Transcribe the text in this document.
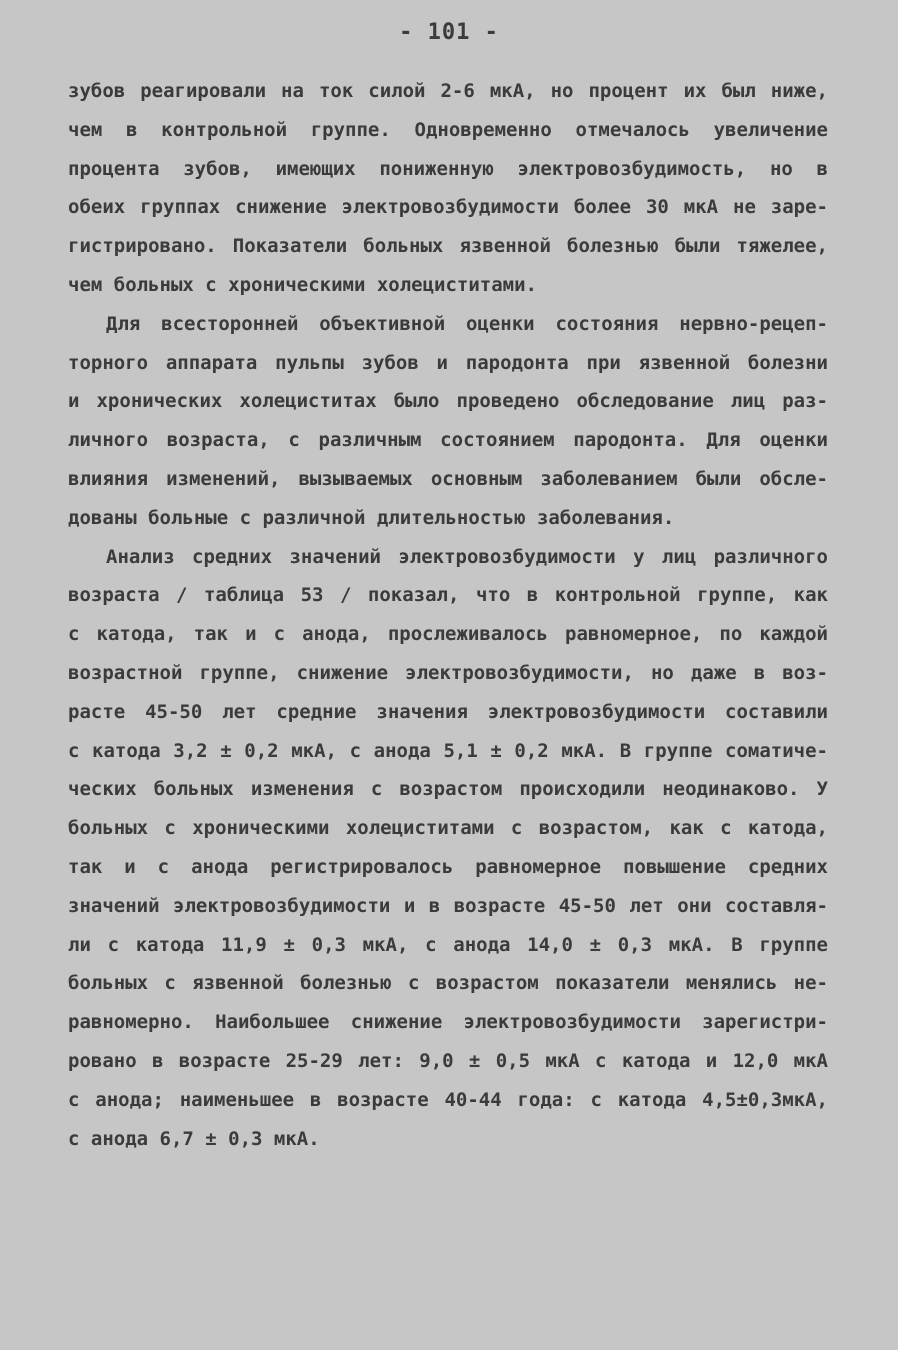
- 101 -
зубов реагировали на ток силой 2-6 мкА, но процент их был ниже,
чем в контрольной группе. Одновременно отмечалось увеличение
процента зубов, имеющих пониженную электровозбудимость, но в
обеих группах снижение электровозбудимости более 30 мкА не заре-
гистрировано. Показатели больных язвенной болезнью были тяжелее,
чем больных с хроническими холециститами.
Для всесторонней объективной оценки состояния нервно-рецеп-
торного аппарата пульпы зубов и пародонта при язвенной болезни
и хронических холециститах было проведено обследование лиц раз-
личного возраста, с различным состоянием пародонта. Для оценки
влияния изменений, вызываемых основным заболеванием были обсле-
дованы больные с различной длительностью заболевания.
Анализ средних значений электровозбудимости у лиц различного
возраста / таблица 53 / показал, что в контрольной группе, как
с катода, так и с анода, прослеживалось равномерное, по каждой
возрастной группе, снижение электровозбудимости, но даже в воз-
расте 45-50 лет средние значения электровозбудимости составили
с катода 3,2 ± 0,2 мкА, с анода 5,1 ± 0,2 мкА. В группе соматиче-
ческих больных изменения с возрастом происходили неодинаково. У
больных с хроническими холециститами с возрастом, как с катода,
так и с анода регистрировалось равномерное повышение средних
значений электровозбудимости и в возрасте 45-50 лет они составля-
ли с катода 11,9 ± 0,3 мкА, с анода 14,0 ± 0,3 мкА. В группе
больных с язвенной болезнью с возрастом показатели менялись не-
равномерно. Наибольшее снижение электровозбудимости зарегистри-
ровано в возрасте 25-29 лет: 9,0 ± 0,5 мкА с катода и 12,0 мкА
с анода; наименьшее в возрасте 40-44 года: с катода 4,5±0,3мкА,
с анода 6,7 ± 0,3 мкА.
